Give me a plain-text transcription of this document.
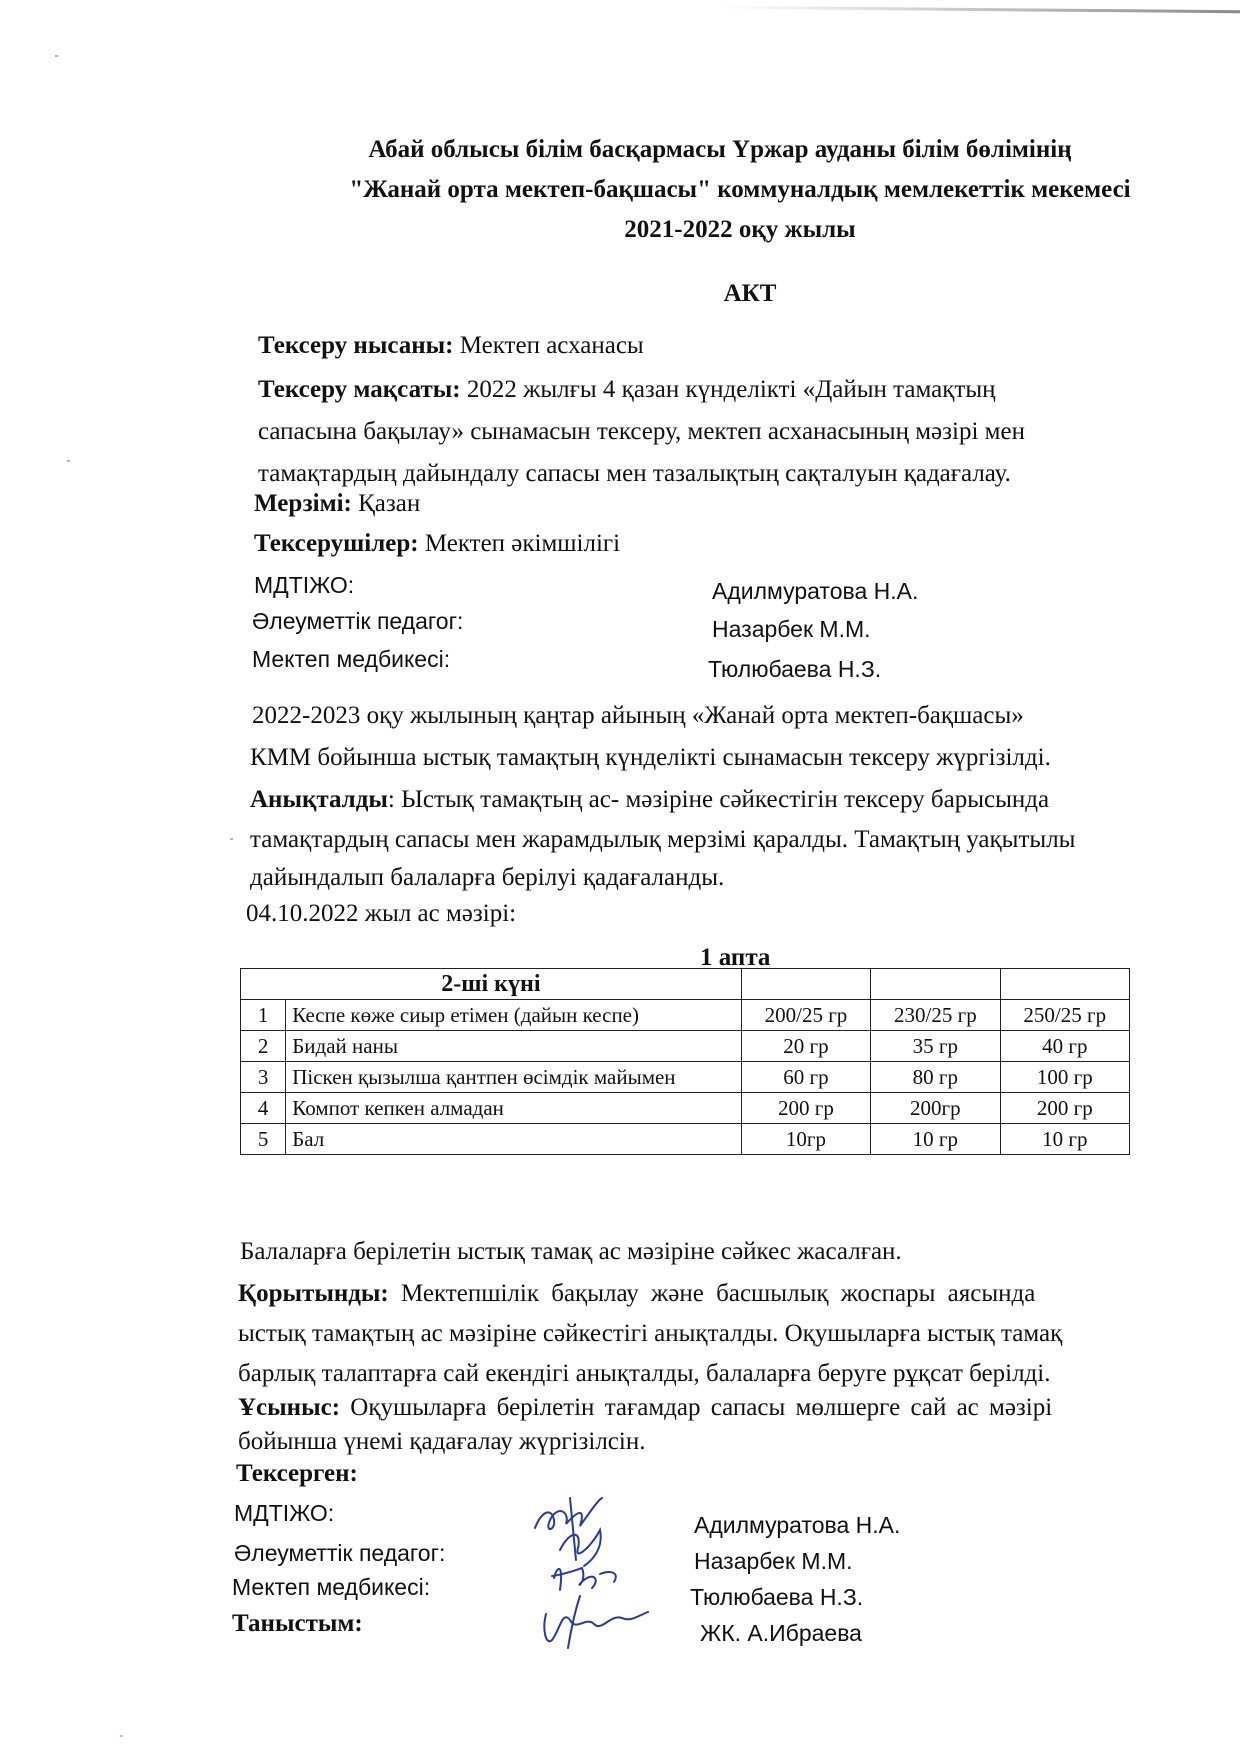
Абай облысы білім басқармасы Үржар ауданы білім бөлімінің
"Жанай орта мектеп-бақшасы" коммуналдық мемлекеттік мекемесі
2021-2022 оқу жылы
АКТ
Тексеру нысаны: Мектеп асханасы
Тексеру мақсаты: 2022 жылғы 4 қазан күнделікті «Дайын тамақтың
сапасына бақылау» сынамасын тексеру, мектеп асханасының мәзірі мен
тамақтардың дайындалу сапасы мен тазалықтың сақталуын қадағалау.
Мерзімі: Қазан
Тексерушілер: Мектеп әкімшілігі
МДТІЖО:	Адилмуратова Н.А.
Әлеуметтік педагог:	Назарбек М.М.
Мектеп медбикесі:	Тюлюбаева Н.З.
2022-2023 оқу жылының қаңтар айының «Жанай орта мектеп-бақшасы»
КММ бойынша ыстық тамақтың күнделікті сынамасын тексеру жүргізілді.
Анықталды: Ыстық тамақтың ас- мәзіріне сәйкестігін тексеру барысында
тамақтардың сапасы мен жарамдылық мерзімі қаралды. Тамақтың уақытылы
дайындалып балаларға берілуі қадағаланды.
04.10.2022 жыл ас мәзірі:
1 апта
2-ші күні				
1	Кеспе көже сиыр етімен (дайын кеспе)	200/25 гр	230/25 гр	250/25 гр
2	Бидай наны	20 гр	35 гр	40 гр
3	Піскен қызылша қантпен өсімдік майымен	60 гр	80 гр	100 гр
4	Компот кепкен алмадан	200 гр	200гр	200 гр
5	Бал	10гр	10 гр	10 гр
Балаларға берілетін ыстық тамақ ас мәзіріне сәйкес жасалған.
Қорытынды: Мектепшілік бақылау және басшылық жоспары аясында
ыстық тамақтың ас мәзіріне сәйкестігі анықталды. Оқушыларға ыстық тамақ
барлық талаптарға сай екендігі анықталды, балаларға беруге рұқсат берілді.
Ұсыныс: Оқушыларға берілетін тағамдар сапасы мөлшерге сай ас мәзірі
бойынша үнемі қадағалау жүргізілсін.
Тексерген:
МДТІЖО:	Адилмуратова Н.А.
Әлеуметтік педагог:	Назарбек М.М.
Мектеп медбикесі:	Тюлюбаева Н.З.
Таныстым:	ЖК. А.Ибраева
